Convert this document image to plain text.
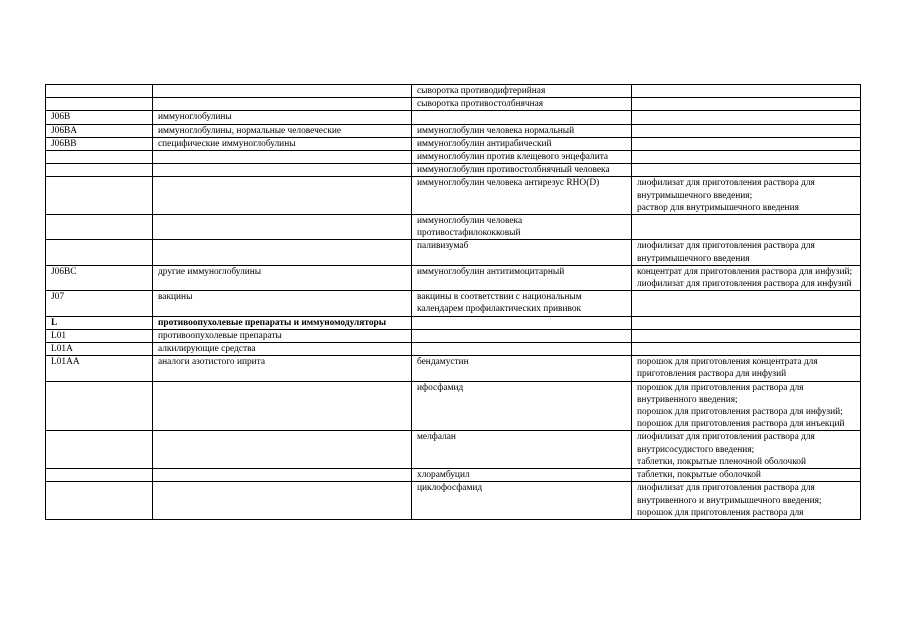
		сыворотка противодифтерийная	
		сыворотка противостолбнячная	
J06B	иммуноглобулины		
J06BA	иммуноглобулины, нормальные человеческие	иммуноглобулин человека нормальный	
J06BB	специфические иммуноглобулины	иммуноглобулин антирабический	
		иммуноглобулин против клещевого энцефалита	
		иммуноглобулин противостолбнячный человека	
		иммуноглобулин человека антирезус RHO(D)	лиофилизат для приготовления раствора для внутримышечного введения;
раствор для внутримышечного введения

		иммуноглобулин человека противостафилококковый	
		паливизумаб	лиофилизат для приготовления раствора для внутримышечного введения

J06BC	другие иммуноглобулины	иммуноглобулин антитимоцитарный	концентрат для приготовления раствора для инфузий;
лиофилизат для приготовления раствора для инфузий

J07	вакцины	вакцины в соответствии с национальным календарем профилактических прививок	
L	противоопухолевые препараты и иммуномодуляторы		
L01	противоопухолевые препараты		
L01A	алкилирующие средства		
L01AA	аналоги азотистого иприта	бендамустин	порошок для приготовления концентрата для приготовления раствора для инфузий

		ифосфамид	порошок для приготовления раствора для внутривенного введения;
порошок для приготовления раствора для инфузий;
порошок для приготовления раствора для инъекций

		мелфалан	лиофилизат для приготовления раствора для внутрисосудистого введения;
таблетки, покрытые пленочной оболочкой

		хлорамбуцил	таблетки, покрытые оболочкой

		циклофосфамид	лиофилизат для приготовления раствора для внутривенного и внутримышечного введения;
порошок для приготовления раствора для
